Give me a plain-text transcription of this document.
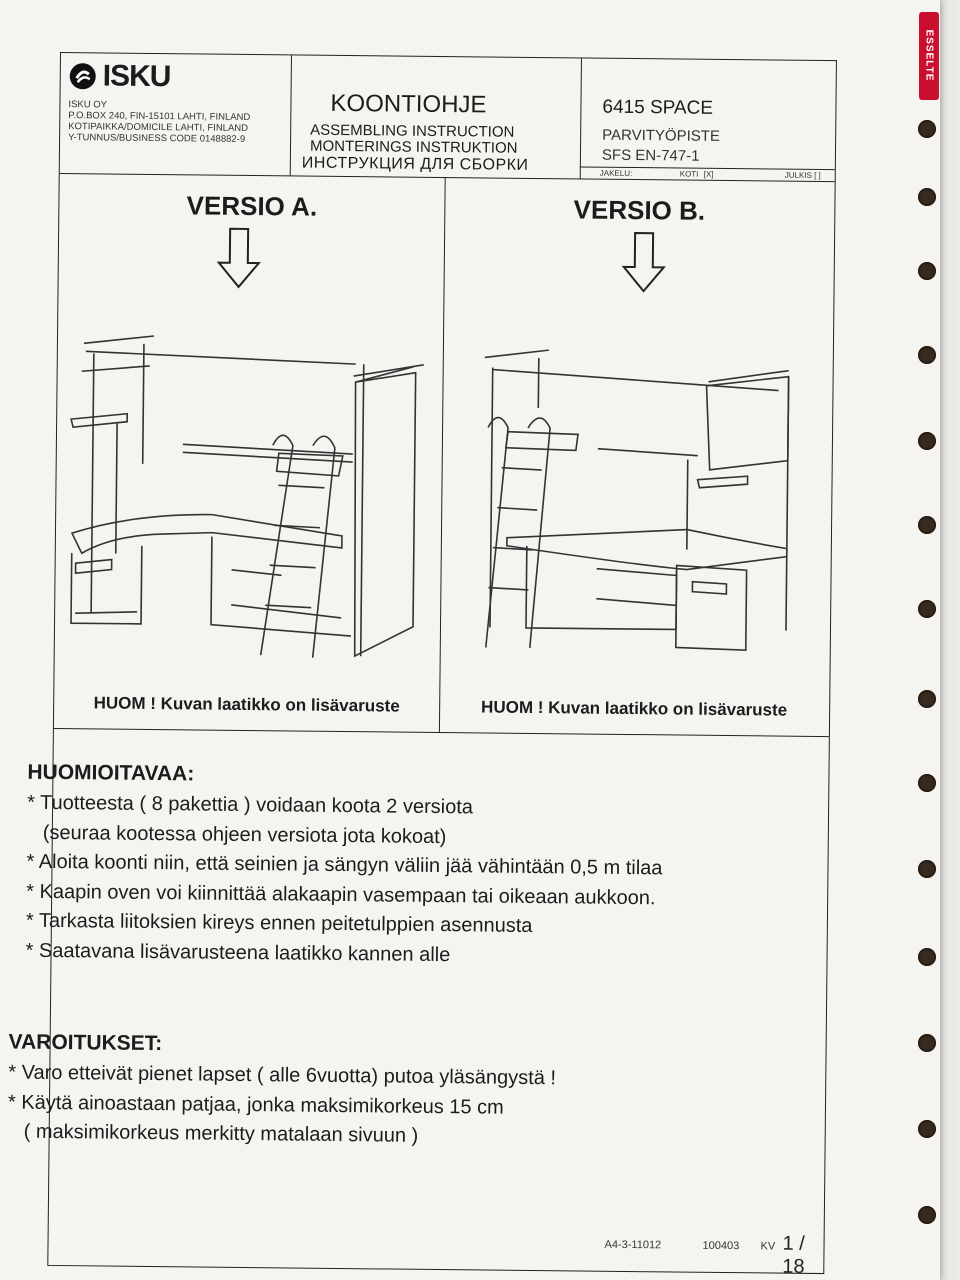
ISKU
ISKU OY
P.O.BOX 240, FIN-15101 LAHTI, FINLAND
KOTIPAIKKA/DOMICILE LAHTI, FINLAND
Y-TUNNUS/BUSINESS CODE 0148882-9
KOONTIOHJE
ASSEMBLING INSTRUCTION
MONTERINGS INSTRUKTION
ИНСТРУКЦИЯ ДЛЯ СБОРКИ
6415 SPACE
PARVITYÖPISTE
SFS EN-747-1
JAKELU:	KOTI [X]	JULKIS [ ]
VERSIO A.
HUOM ! Kuvan laatikko on lisävaruste
VERSIO B.
HUOM ! Kuvan laatikko on lisävaruste
HUOMIOITAVAA:
* Tuotteesta ( 8 pakettia ) voidaan koota 2 versiota
(seuraa kootessa ohjeen versiota jota kokoat)
* Aloita koonti niin, että seinien ja sängyn väliin jää vähintään 0,5 m tilaa
* Kaapin oven voi kiinnittää alakaapin vasempaan tai oikeaan aukkoon.
* Tarkasta liitoksien kireys ennen peitetulppien asennusta
* Saatavana lisävarusteena laatikko kannen alle
VAROITUKSET:
* Varo etteivät pienet lapset ( alle 6vuotta) putoa yläsängystä !
* Käytä ainoastaan patjaa, jonka maksimikorkeus 15 cm
( maksimikorkeus merkitty matalaan sivuun )
A4-3-11012	100403 KV 1 / 18
ESSELTE
